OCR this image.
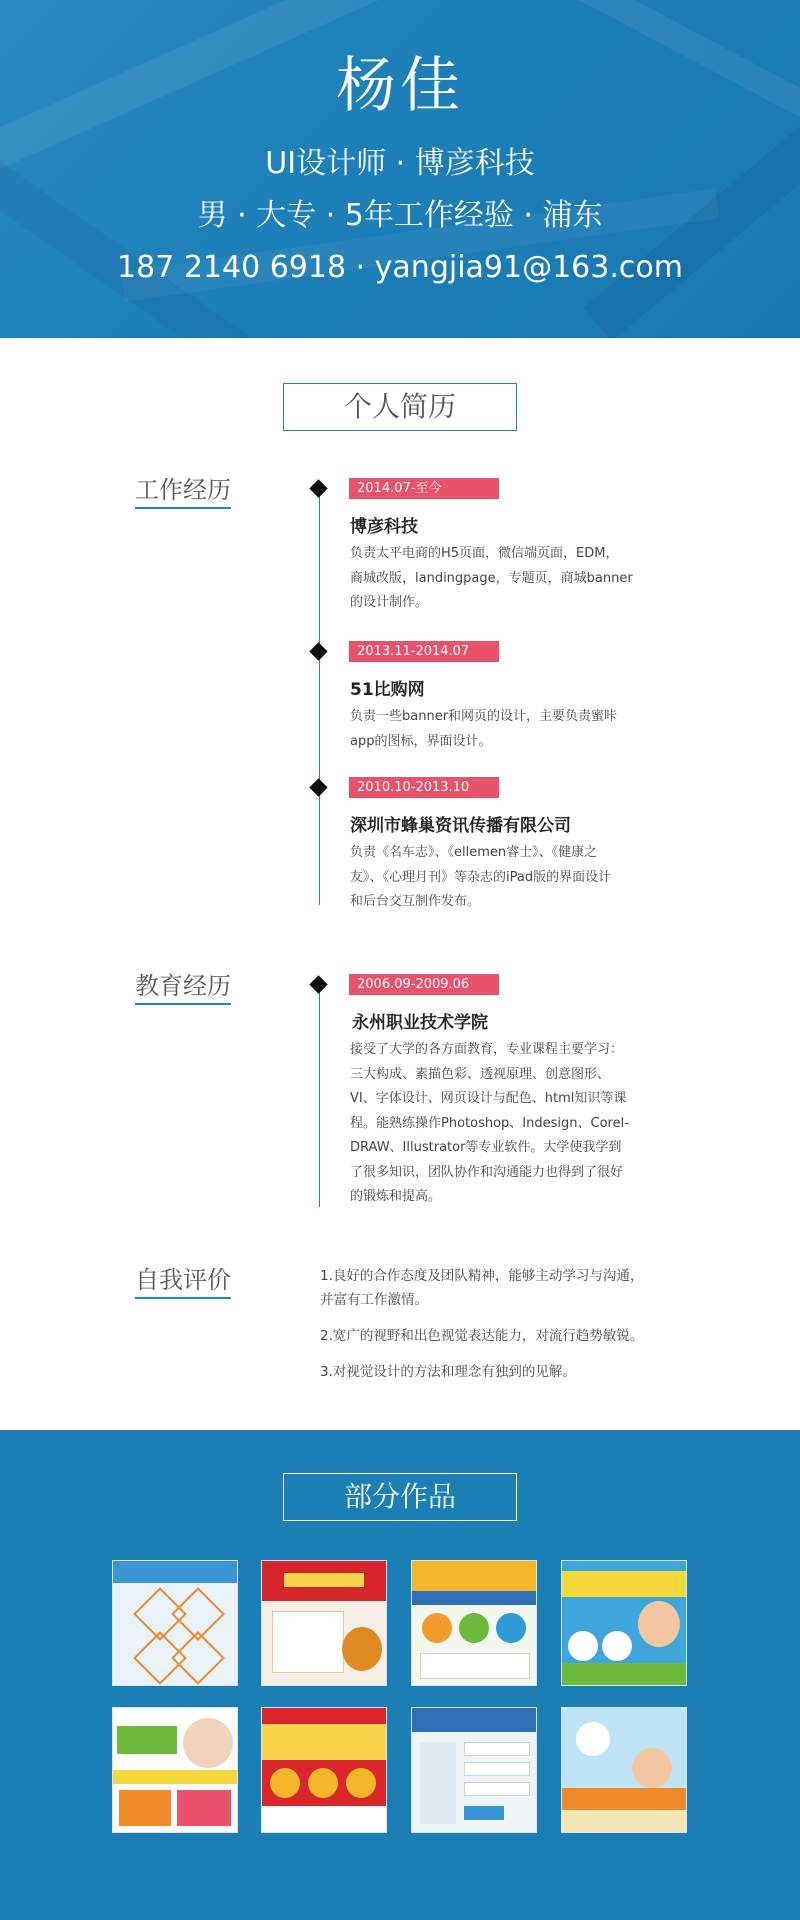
杨佳
UI设计师 · 博彦科技
男 · 大专 · 5年工作经验 · 浦东
187 2140 6918 · yangjia91@163.com
个人简历
工作经历	2014.07-至今
博彦科技
负责太平电商的H5页面，微信端页面，EDM，
商城改版，landingpage，专题页，商城banner
的设计制作。
2013.11-2014.07
51比购网
负责一些banner和网页的设计，主要负责蜜咔
app的图标，界面设计。
2010.10-2013.10
深圳市蜂巢资讯传播有限公司
负责《名车志》、《ellemen睿士》、《健康之
友》、《心理月刊》等杂志的iPad版的界面设计
和后台交互制作发布。
教育经历	2006.09-2009.06
永州职业技术学院
接受了大学的各方面教育，专业课程主要学习：
三大构成、素描色彩、透视原理、创意图形、
VI、字体设计、网页设计与配色、html知识等课
程。能熟练操作Photoshop、Indesign、Corel-
DRAW、Illustrator等专业软件。大学使我学到
了很多知识，团队协作和沟通能力也得到了很好
的锻炼和提高。
自我评价	1.良好的合作态度及团队精神，能够主动学习与沟通，
并富有工作激情。
2.宽广的视野和出色视觉表达能力，对流行趋势敏锐。
3.对视觉设计的方法和理念有独到的见解。
部分作品
